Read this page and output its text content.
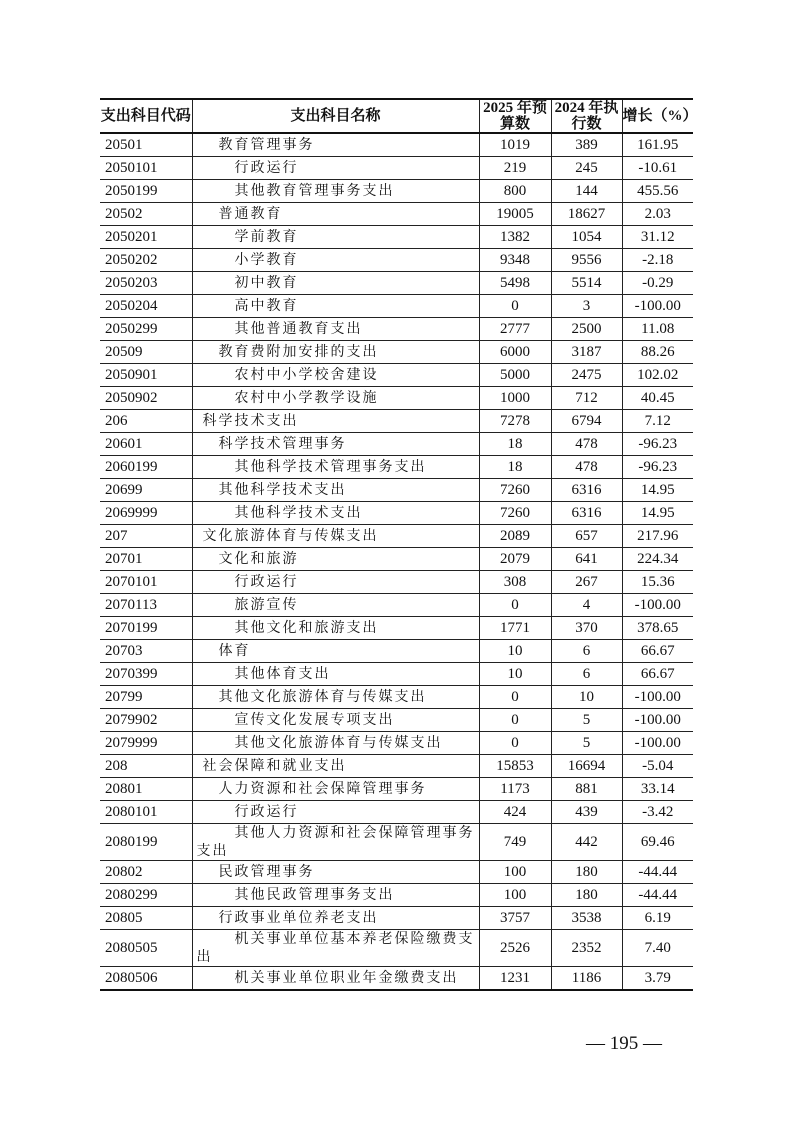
支出科目代码	支出科目名称	2025 年预算数	2024 年执行数	增长（%）
20501	教育管理事务	1019	389	161.95
2050101	行政运行	219	245	-10.61
2050199	其他教育管理事务支出	800	144	455.56
20502	普通教育	19005	18627	2.03
2050201	学前教育	1382	1054	31.12
2050202	小学教育	9348	9556	-2.18
2050203	初中教育	5498	5514	-0.29
2050204	高中教育	0	3	-100.00
2050299	其他普通教育支出	2777	2500	11.08
20509	教育费附加安排的支出	6000	3187	88.26
2050901	农村中小学校舍建设	5000	2475	102.02
2050902	农村中小学教学设施	1000	712	40.45
206	科学技术支出	7278	6794	7.12
20601	科学技术管理事务	18	478	-96.23
2060199	其他科学技术管理事务支出	18	478	-96.23
20699	其他科学技术支出	7260	6316	14.95
2069999	其他科学技术支出	7260	6316	14.95
207	文化旅游体育与传媒支出	2089	657	217.96
20701	文化和旅游	2079	641	224.34
2070101	行政运行	308	267	15.36
2070113	旅游宣传	0	4	-100.00
2070199	其他文化和旅游支出	1771	370	378.65
20703	体育	10	6	66.67
2070399	其他体育支出	10	6	66.67
20799	其他文化旅游体育与传媒支出	0	10	-100.00
2079902	宣传文化发展专项支出	0	5	-100.00
2079999	其他文化旅游体育与传媒支出	0	5	-100.00
208	社会保障和就业支出	15853	16694	-5.04
20801	人力资源和社会保障管理事务	1173	881	33.14
2080101	行政运行	424	439	-3.42
2080199	其他人力资源和社会保障管理事务支出	749	442	69.46
20802	民政管理事务	100	180	-44.44
2080299	其他民政管理事务支出	100	180	-44.44
20805	行政事业单位养老支出	3757	3538	6.19
2080505	机关事业单位基本养老保险缴费支出	2526	2352	7.40
2080506	机关事业单位职业年金缴费支出	1231	1186	3.79
— 195 —
